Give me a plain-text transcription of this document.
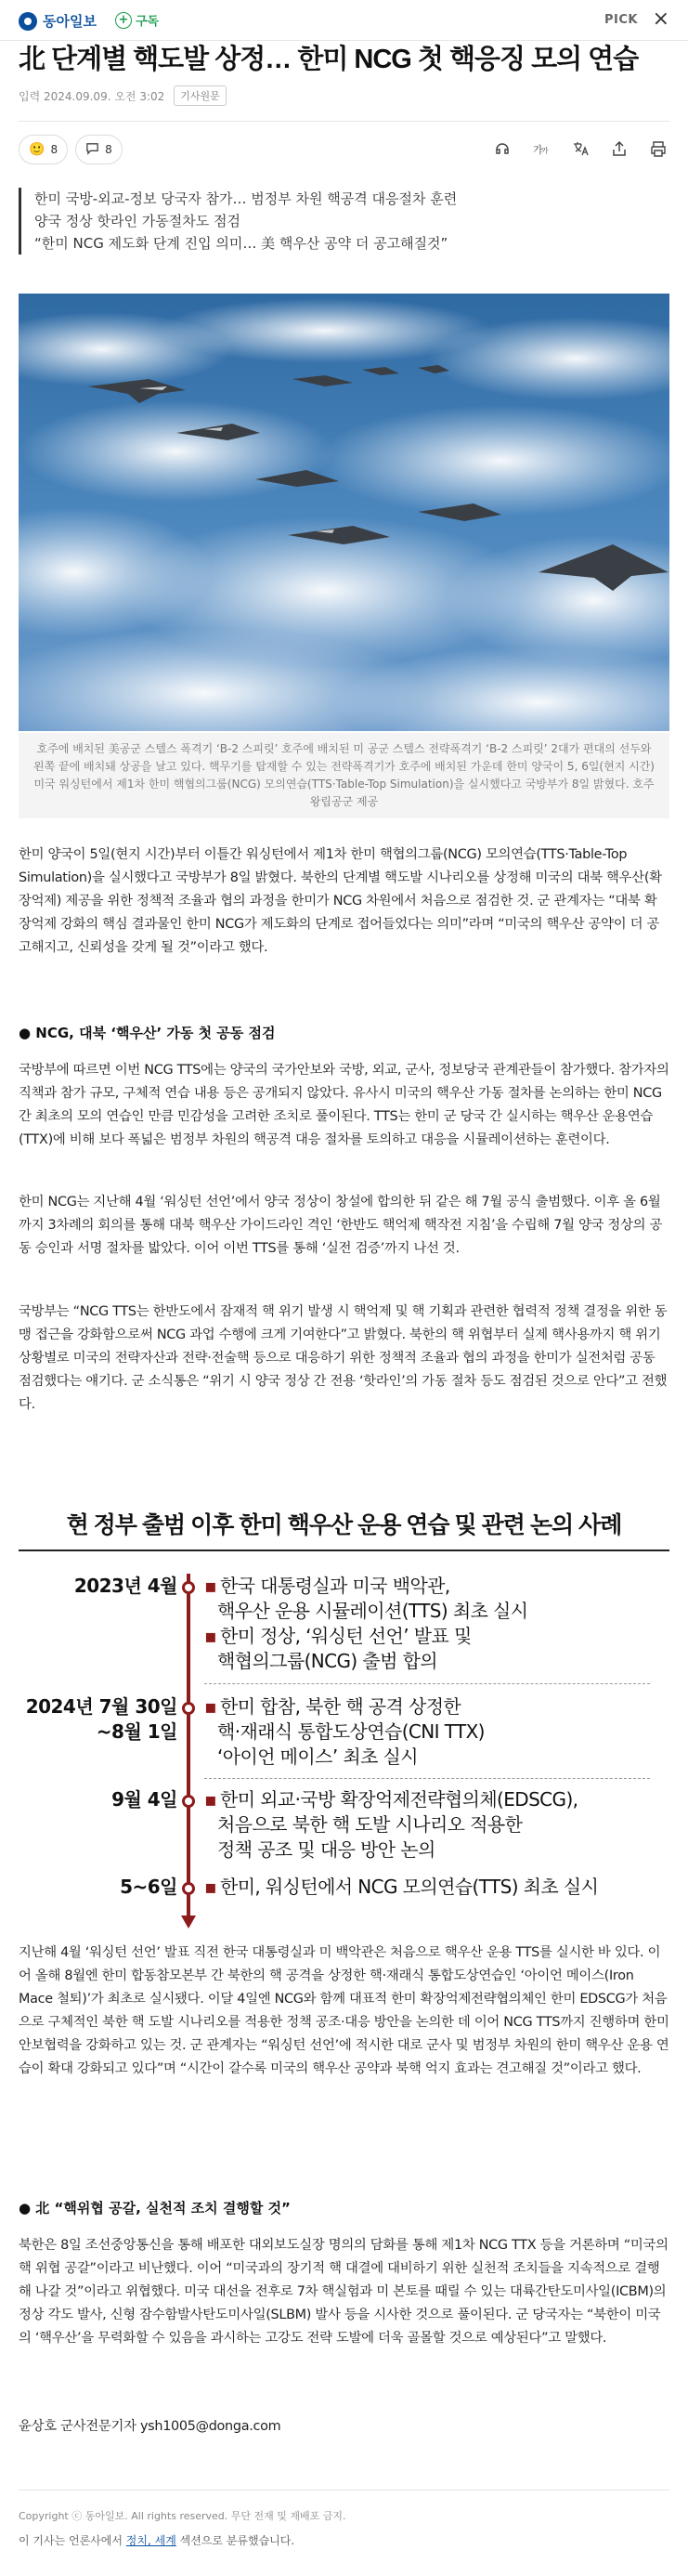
동아일보 + 구독	PICK ×
北 단계별 핵도발 상정… 한미 NCG 첫 핵응징 모의 연습
입력 2024.09.09. 오전 3:02	기사원문
🙂 8	8	가
가

한미 국방-외교-정보 당국자 참가… 범정부 차원 핵공격 대응절차 훈련

양국 정상 핫라인 가동절차도 점검

“한미 NCG 제도화 단계 진입 의미… 美 핵우산 공약 더 공고해질것”

호주에 배치된 美공군 스텔스 폭격기 ‘B-2 스피릿’ 호주에 배치된 미 공군 스텔스 전략폭격기 ‘B-2 스피릿’ 2대가 편대의 선두와 왼쪽 끝에 배치돼 상공을 날고 있다. 핵무기를 탑재할 수 있는 전략폭격기가 호주에 배치된 가운데 한미 양국이 5, 6일(현지 시간) 미국 워싱턴에서 제1차 한미 핵협의그룹(NCG) 모의연습(TTS·Table-Top Simulation)을 실시했다고 국방부가 8일 밝혔다. 호주 왕립공군 제공

한미 양국이 5일(현지 시간)부터 이틀간 워싱턴에서 제1차 한미 핵협의그룹(NCG) 모의연습(TTS·Table-Top Simulation)을 실시했다고 국방부가 8일 밝혔다. 북한의 단계별 핵도발 시나리오를 상정해 미국의 대북 핵우산(확장억제) 제공을 위한 정책적 조율과 협의 과정을 한미가 NCG 차원에서 처음으로 점검한 것. 군 관계자는 “대북 확장억제 강화의 핵심 결과물인 한미 NCG가 제도화의 단계로 접어들었다는 의미”라며 “미국의 핵우산 공약이 더 공고해지고, 신뢰성을 갖게 될 것”이라고 했다.

● NCG, 대북 ‘핵우산’ 가동 첫 공동 점검

국방부에 따르면 이번 NCG TTS에는 양국의 국가안보와 국방, 외교, 군사, 정보당국 관계관들이 참가했다. 참가자의 직책과 참가 규모, 구체적 연습 내용 등은 공개되지 않았다. 유사시 미국의 핵우산 가동 절차를 논의하는 한미 NCG 간 최초의 모의 연습인 만큼 민감성을 고려한 조치로 풀이된다. TTS는 한미 군 당국 간 실시하는 핵우산 운용연습(TTX)에 비해 보다 폭넓은 범정부 차원의 핵공격 대응 절차를 토의하고 대응을 시뮬레이션하는 훈련이다.

한미 NCG는 지난해 4월 ‘워싱턴 선언’에서 양국 정상이 창설에 합의한 뒤 같은 해 7월 공식 출범했다. 이후 올 6월까지 3차례의 회의를 통해 대북 핵우산 가이드라인 격인 ‘한반도 핵억제 핵작전 지침’을 수립해 7월 양국 정상의 공동 승인과 서명 절차를 밟았다. 이어 이번 TTS를 통해 ‘실전 검증’까지 나선 것.

국방부는 “NCG TTS는 한반도에서 잠재적 핵 위기 발생 시 핵억제 및 핵 기획과 관련한 협력적 정책 결정을 위한 동맹 접근을 강화함으로써 NCG 과업 수행에 크게 기여한다”고 밝혔다. 북한의 핵 위협부터 실제 핵사용까지 핵 위기 상황별로 미국의 전략자산과 전략·전술핵 등으로 대응하기 위한 정책적 조율과 협의 과정을 한미가 실전처럼 공동 점검했다는 얘기다. 군 소식통은 “위기 시 양국 정상 간 전용 ‘핫라인’의 가동 절차 등도 점검된 것으로 안다”고 전했다.

현 정부 출범 이후 한미 핵우산 운용 연습 및 관련 논의 사례
2023년 4월 ▪ 한국 대통령실과 미국 백악관,
핵우산 운용 시뮬레이션(TTS) 최초 실시
▪ 한미 정상, ‘워싱턴 선언’ 발표 및
핵협의그룹(NCG) 출범 합의
2024년 7월 30일
~8월 1일
▪ 한미 합참, 북한 핵 공격 상정한
핵·재래식 통합도상연습(CNI TTX)
‘아이언 메이스’ 최초 실시
9월 4일 ▪ 한미 외교·국방 확장억제전략협의체(EDSCG),
처음으로 북한 핵 도발 시나리오 적용한
정책 공조 및 대응 방안 논의
5~6일 ▪ 한미, 워싱턴에서 NCG 모의연습(TTS) 최초 실시

지난해 4월 ‘워싱턴 선언’ 발표 직전 한국 대통령실과 미 백악관은 처음으로 핵우산 운용 TTS를 실시한 바 있다. 이어 올해 8월엔 한미 합동참모본부 간 북한의 핵 공격을 상정한 핵·재래식 통합도상연습인 ‘아이언 메이스(Iron Mace 철퇴)’가 최초로 실시됐다. 이달 4일엔 NCG와 함께 대표적 한미 확장억제전략협의체인 한미 EDSCG가 처음으로 구체적인 북한 핵 도발 시나리오를 적용한 정책 공조·대응 방안을 논의한 데 이어 NCG TTS까지 진행하며 한미 안보협력을 강화하고 있는 것. 군 관계자는 “워싱턴 선언’에 적시한 대로 군사 및 범정부 차원의 한미 핵우산 운용 연습이 확대 강화되고 있다”며 “시간이 갈수록 미국의 핵우산 공약과 북핵 억지 효과는 견고해질 것”이라고 했다.

● 北 “핵위협 공갈, 실천적 조치 결행할 것”

북한은 8일 조선중앙통신을 통해 배포한 대외보도실장 명의의 담화를 통해 제1차 NCG TTX 등을 거론하며 “미국의 핵 위협 공갈”이라고 비난했다. 이어 “미국과의 장기적 핵 대결에 대비하기 위한 실천적 조치들을 지속적으로 결행해 나갈 것”이라고 위협했다. 미국 대선을 전후로 7차 핵실험과 미 본토를 때릴 수 있는 대륙간탄도미사일(ICBM)의 정상 각도 발사, 신형 잠수함발사탄도미사일(SLBM) 발사 등을 시사한 것으로 풀이된다. 군 당국자는 “북한이 미국의 ‘핵우산’을 무력화할 수 있음을 과시하는 고강도 전략 도발에 더욱 골몰할 것으로 예상된다”고 말했다.

윤상호 군사전문기자 ysh1005@donga.com

Copyright ⓒ 동아일보. All rights reserved. 무단 전재 및 재배포 금지.
이 기사는 언론사에서 정치, 세계 섹션으로 분류했습니다.
